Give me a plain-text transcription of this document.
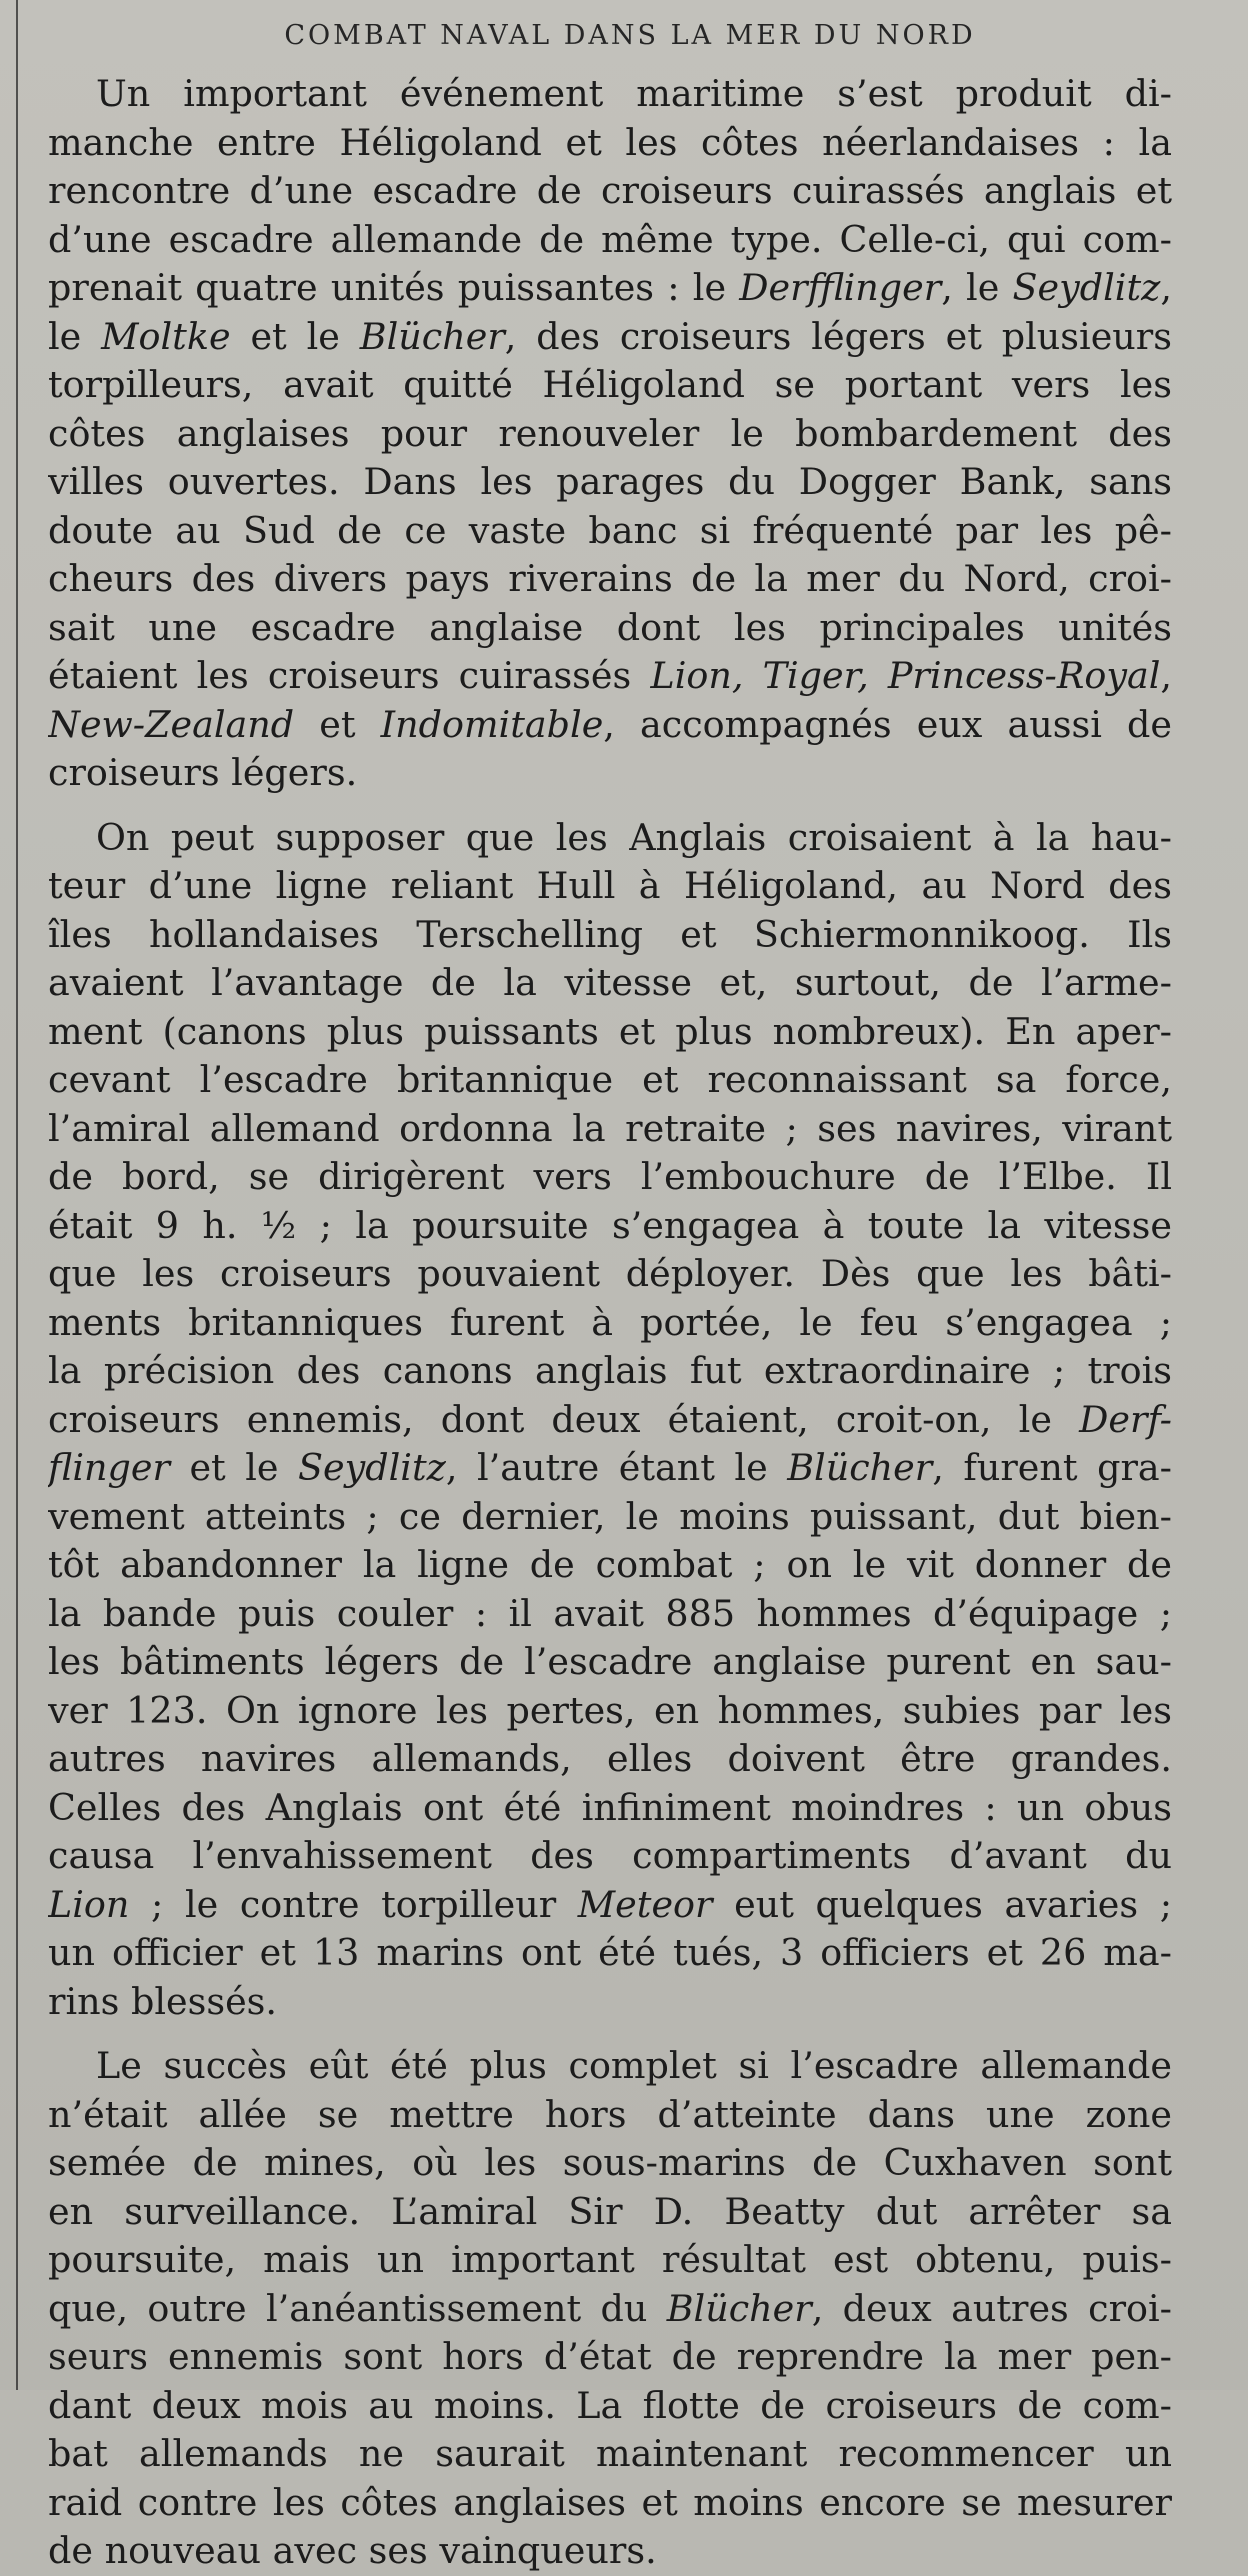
COMBAT NAVAL DANS LA MER DU NORD
Un important événement maritime s’est produit di-
manche entre Héligoland et les côtes néerlandaises : la
rencontre d’une escadre de croiseurs cuirassés anglais et
d’une escadre allemande de même type. Celle-ci, qui com-
prenait quatre unités puissantes : le Derfflinger, le Seydlitz,
le Moltke et le Blücher, des croiseurs légers et plusieurs
torpilleurs, avait quitté Héligoland se portant vers les
côtes anglaises pour renouveler le bombardement des
villes ouvertes. Dans les parages du Dogger Bank, sans
doute au Sud de ce vaste banc si fréquenté par les pê-
cheurs des divers pays riverains de la mer du Nord, croi-
sait une escadre anglaise dont les principales unités
étaient les croiseurs cuirassés Lion, Tiger, Princess-Royal,
New-Zealand et Indomitable, accompagnés eux aussi de
croiseurs légers.
On peut supposer que les Anglais croisaient à la hau-
teur d’une ligne reliant Hull à Héligoland, au Nord des
îles hollandaises Terschelling et Schiermonnikoog. Ils
avaient l’avantage de la vitesse et, surtout, de l’arme-
ment (canons plus puissants et plus nombreux). En aper-
cevant l’escadre britannique et reconnaissant sa force,
l’amiral allemand ordonna la retraite ; ses navires, virant
de bord, se dirigèrent vers l’embouchure de l’Elbe. Il
était 9 h. ½ ; la poursuite s’engagea à toute la vitesse
que les croiseurs pouvaient déployer. Dès que les bâti-
ments britanniques furent à portée, le feu s’engagea ;
la précision des canons anglais fut extraordinaire ; trois
croiseurs ennemis, dont deux étaient, croit-on, le Derf-
flinger et le Seydlitz, l’autre étant le Blücher, furent gra-
vement atteints ; ce dernier, le moins puissant, dut bien-
tôt abandonner la ligne de combat ; on le vit donner de
la bande puis couler : il avait 885 hommes d’équipage ;
les bâtiments légers de l’escadre anglaise purent en sau-
ver 123. On ignore les pertes, en hommes, subies par les
autres navires allemands, elles doivent être grandes.
Celles des Anglais ont été infiniment moindres : un obus
causa l’envahissement des compartiments d’avant du
Lion ; le contre torpilleur Meteor eut quelques avaries ;
un officier et 13 marins ont été tués, 3 officiers et 26 ma-
rins blessés.
Le succès eût été plus complet si l’escadre allemande
n’était allée se mettre hors d’atteinte dans une zone
semée de mines, où les sous-marins de Cuxhaven sont
en surveillance. L’amiral Sir D. Beatty dut arrêter sa
poursuite, mais un important résultat est obtenu, puis-
que, outre l’anéantissement du Blücher, deux autres croi-
seurs ennemis sont hors d’état de reprendre la mer pen-
dant deux mois au moins. La flotte de croiseurs de com-
bat allemands ne saurait maintenant recommencer un
raid contre les côtes anglaises et moins encore se mesurer
de nouveau avec ses vainqueurs.
